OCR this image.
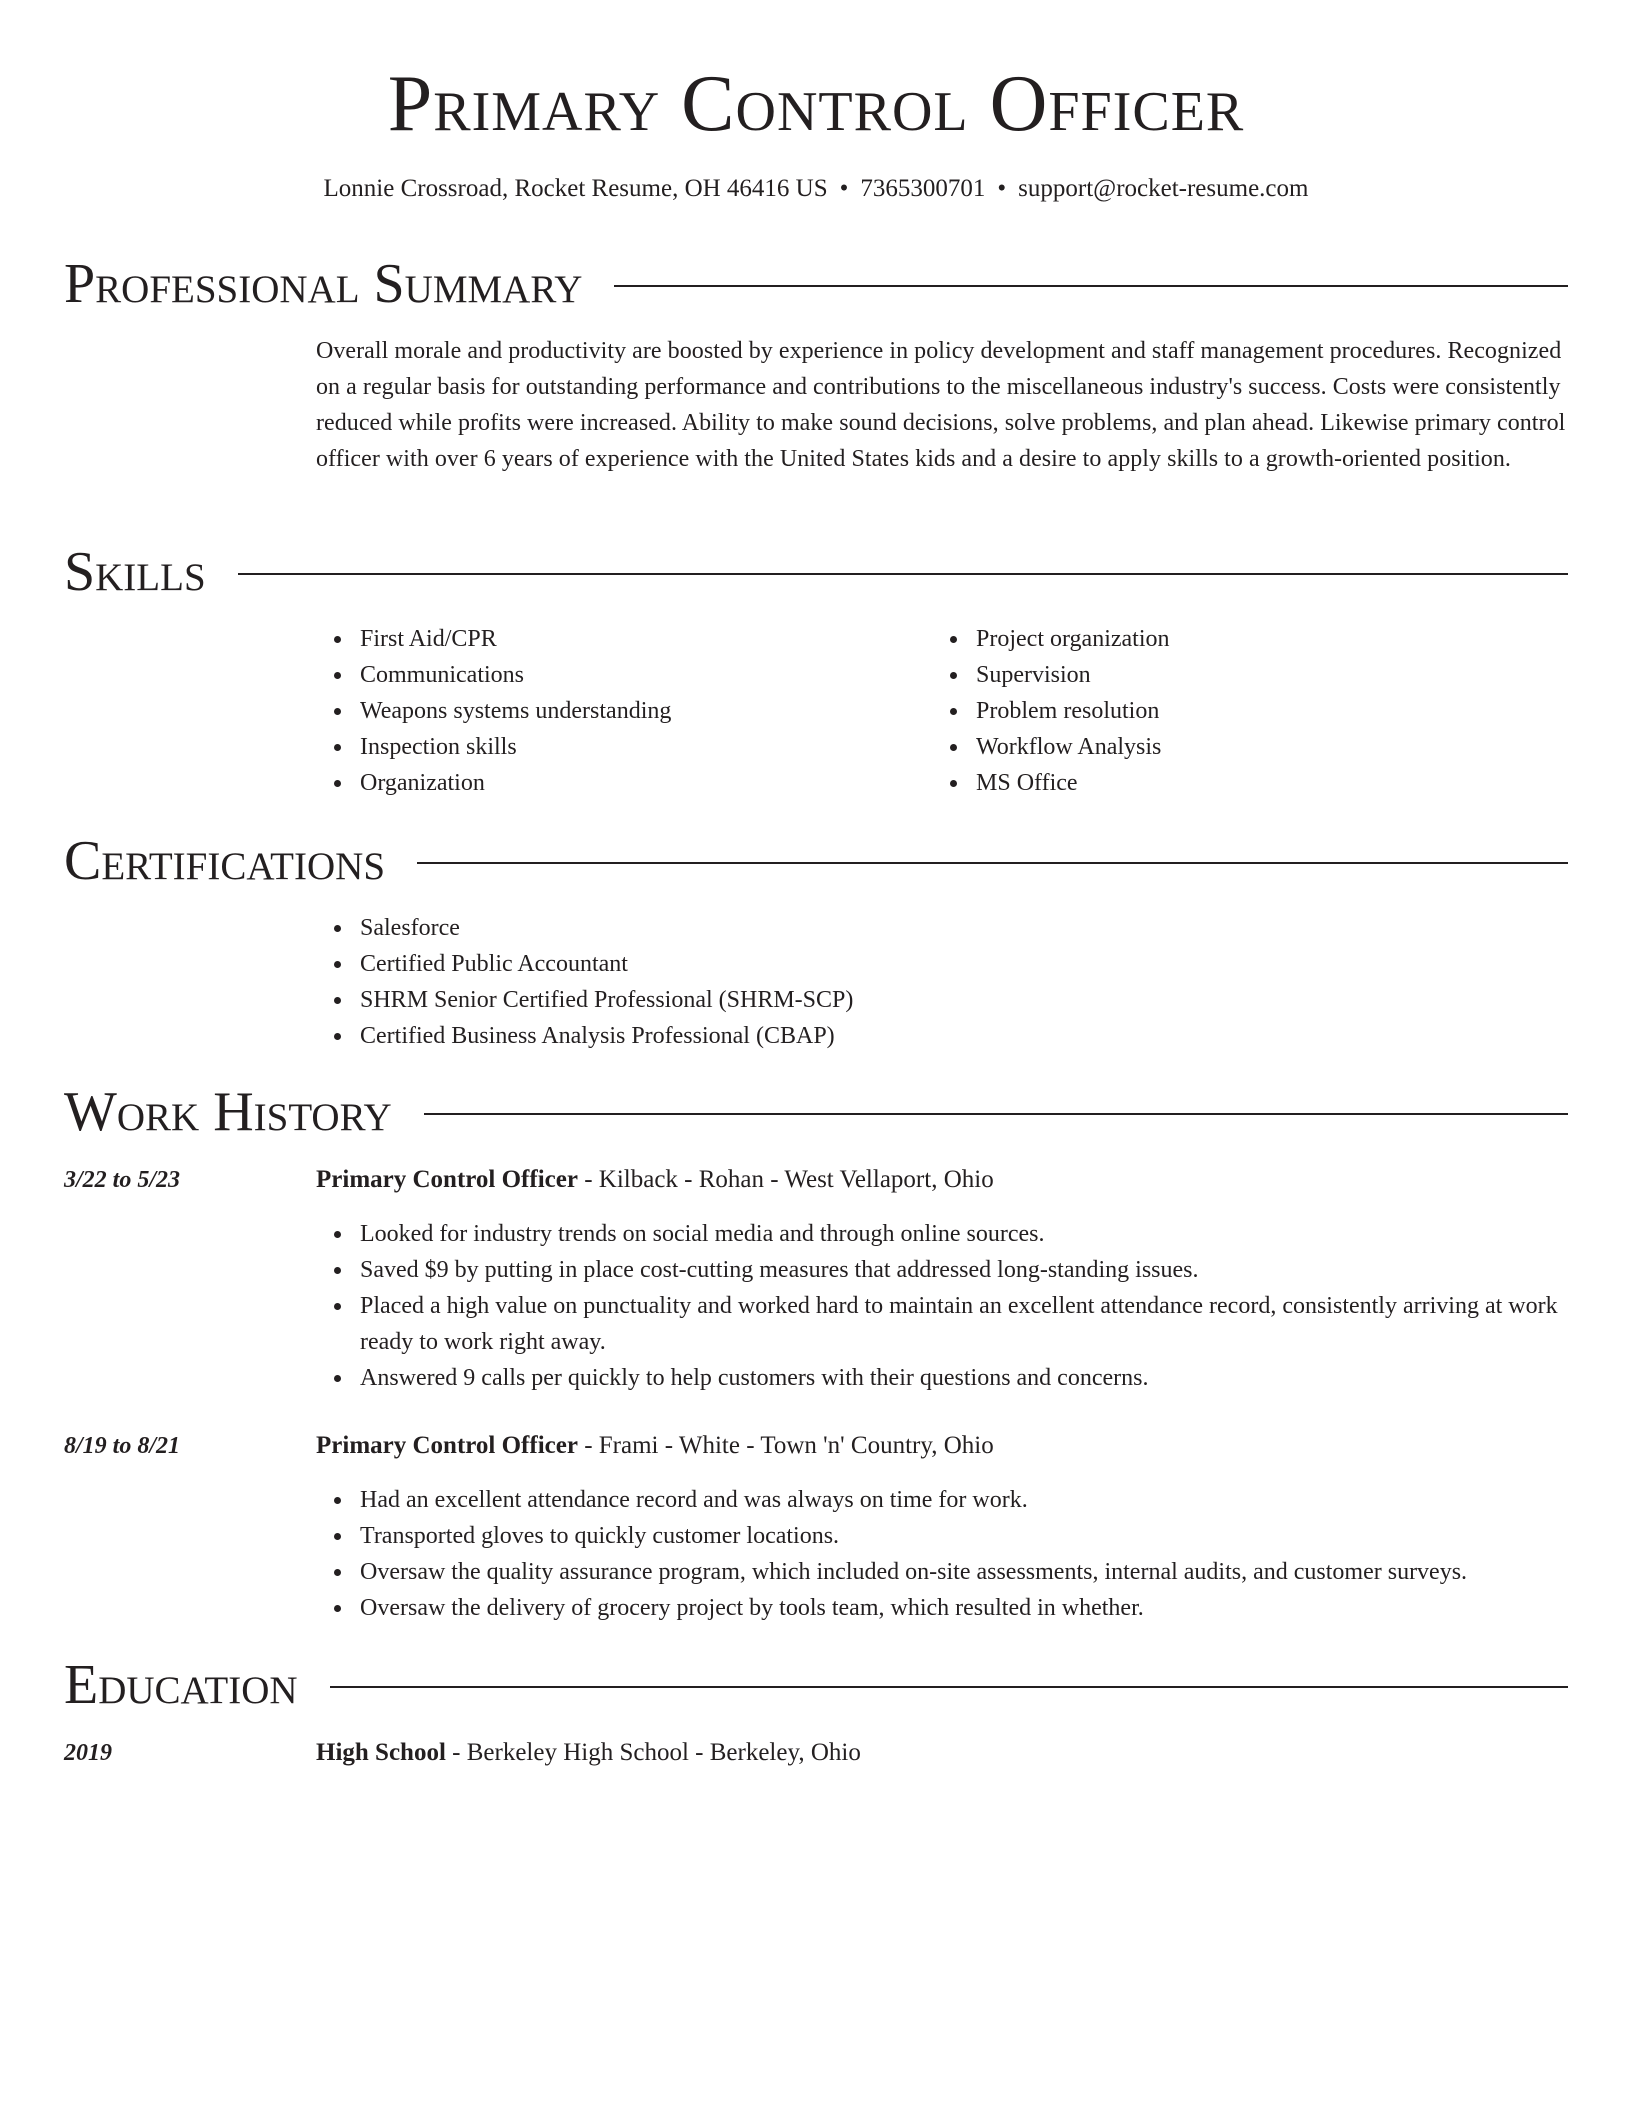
Primary Control Officer
Lonnie Crossroad, Rocket Resume, OH 46416 US • 7365300701 • support@rocket-resume.com
Professional Summary

Overall morale and productivity are boosted by experience in policy development and staff management procedures. Recognized on a regular basis for outstanding performance and contributions to the miscellaneous industry's success. Costs were consistently reduced while profits were increased. Ability to make sound decisions, solve problems, and plan ahead. Likewise primary control officer with over 6 years of experience with the United States kids and a desire to apply skills to a growth-oriented position.

Skills
First Aid/CPR
Communications
Weapons systems understanding
Inspection skills
Organization
Project organization
Supervision
Problem resolution
Workflow Analysis
MS Office
Certifications
Salesforce
Certified Public Accountant
SHRM Senior Certified Professional (SHRM-SCP)
Certified Business Analysis Professional (CBAP)
Work History
3/22 to 5/23	Primary Control Officer - Kilback - Rohan - West Vellaport, Ohio
Looked for industry trends on social media and through online sources.
Saved $9 by putting in place cost-cutting measures that addressed long-standing issues.
Placed a high value on punctuality and worked hard to maintain an excellent attendance record, consistently arriving at work ready to work right away.
Answered 9 calls per quickly to help customers with their questions and concerns.
8/19 to 8/21	Primary Control Officer - Frami - White - Town 'n' Country, Ohio
Had an excellent attendance record and was always on time for work.
Transported gloves to quickly customer locations.
Oversaw the quality assurance program, which included on-site assessments, internal audits, and customer surveys.
Oversaw the delivery of grocery project by tools team, which resulted in whether.
Education
2019	High School - Berkeley High School - Berkeley, Ohio
